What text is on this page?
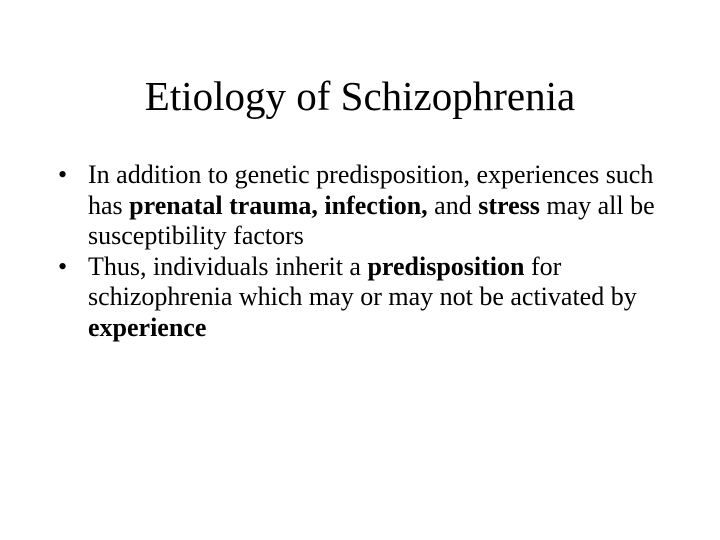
Etiology of Schizophrenia
•
In addition to genetic predisposition, experiences such has prenatal trauma, infection, and stress may all be susceptibility factors
•
Thus, individuals inherit a predisposition for schizophrenia which may or may not be activated by experience
